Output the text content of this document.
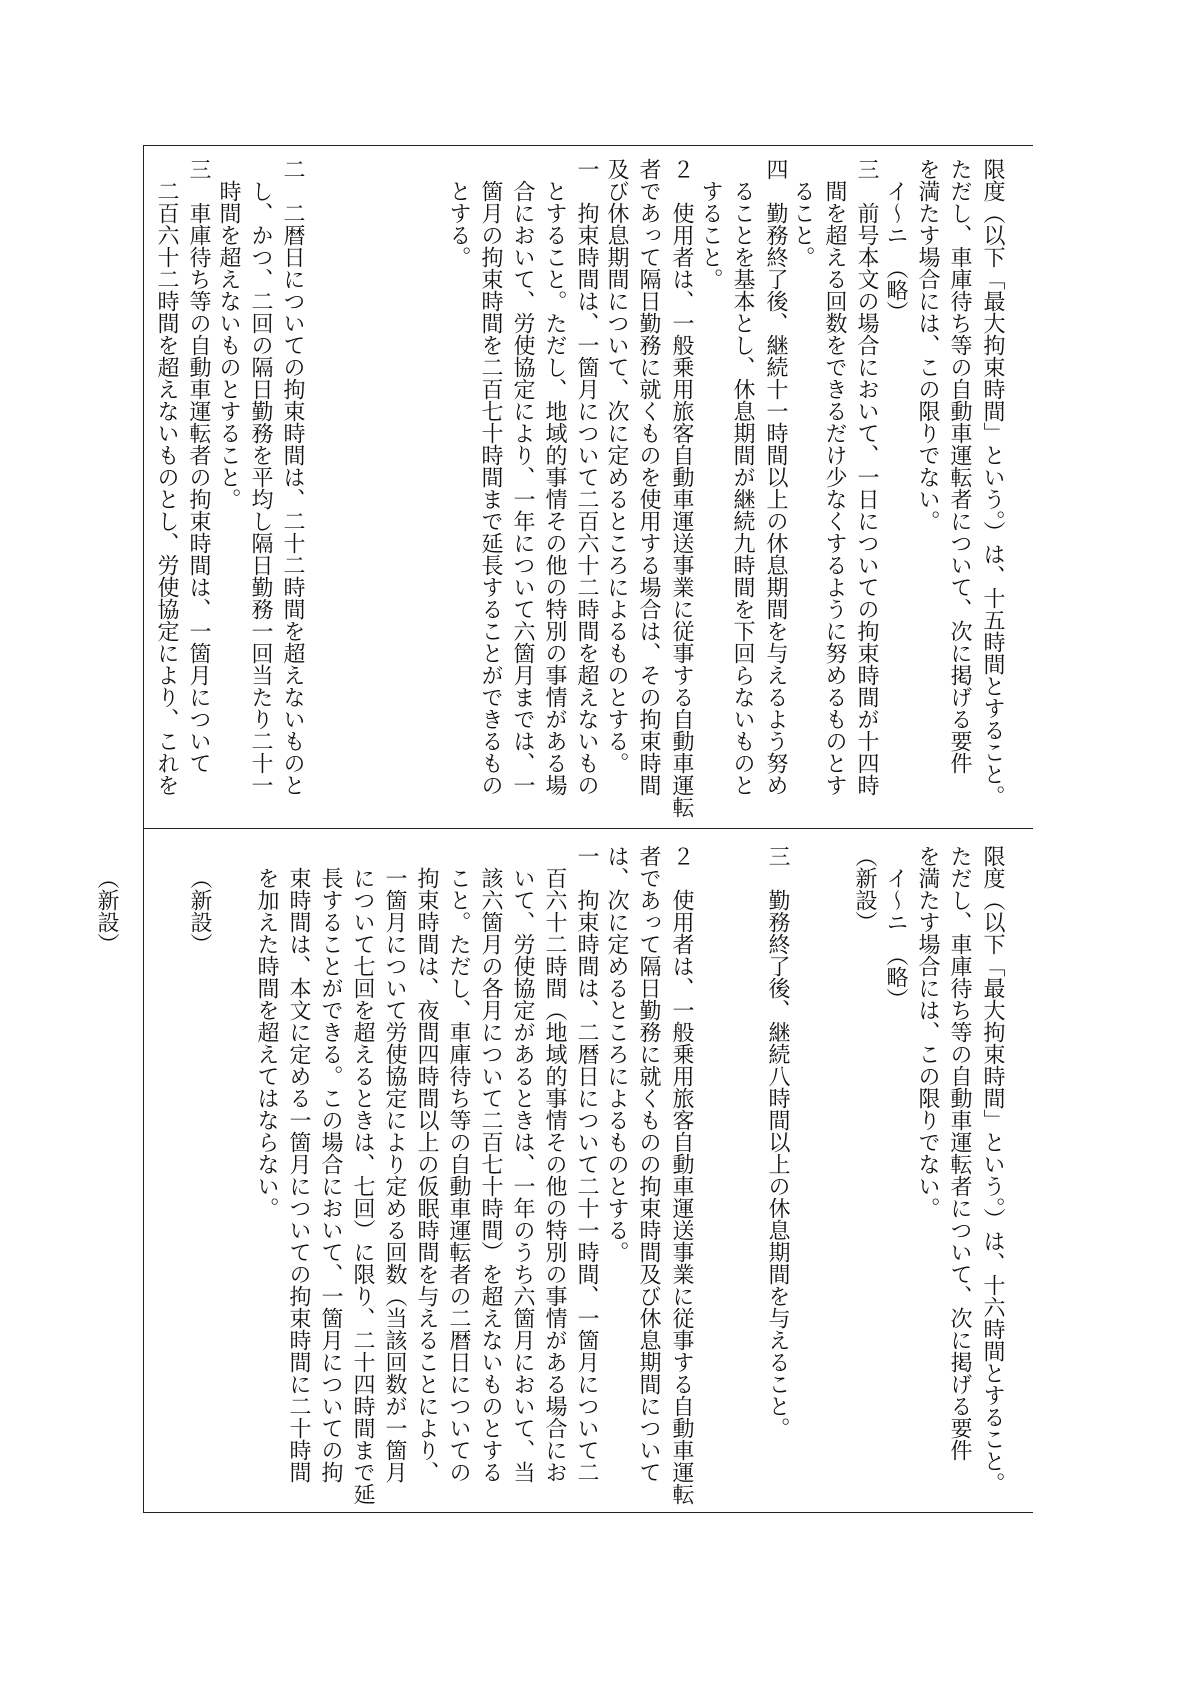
限度（以下「最大拘束時間」という。）は、十五時間とすること。

ただし、車庫待ち等の自動車運転者について、次に掲げる要件

を満たす場合には、この限りでない。

イ～ニ　（略）

三　前号本文の場合において、一日についての拘束時間が十四時

間を超える回数をできるだけ少なくするように努めるものとす

ること。

四　勤務終了後、継続十一時間以上の休息期間を与えるよう努め

ることを基本とし、休息期間が継続九時間を下回らないものと

すること。

２　使用者は、一般乗用旅客自動車運送事業に従事する自動車運転

者であって隔日勤務に就くものを使用する場合は、その拘束時間

及び休息期間について、次に定めるところによるものとする。

一　拘束時間は、一箇月について二百六十二時間を超えないもの

とすること。ただし、地域的事情その他の特別の事情がある場

合において、労使協定により、一年について六箇月までは、一

箇月の拘束時間を二百七十時間まで延長することができるもの

とする。

二　二暦日についての拘束時間は、二十二時間を超えないものと

し、かつ、二回の隔日勤務を平均し隔日勤務一回当たり二十一

時間を超えないものとすること。

三　車庫待ち等の自動車運転者の拘束時間は、一箇月について

二百六十二時間を超えないものとし、労使協定により、これを

限度（以下「最大拘束時間」という。）は、十六時間とすること。

ただし、車庫待ち等の自動車運転者について、次に掲げる要件

を満たす場合には、この限りでない。

イ～ニ　（略）

（新設）

三　勤務終了後、継続八時間以上の休息期間を与えること。

２　使用者は、一般乗用旅客自動車運送事業に従事する自動車運転

者であって隔日勤務に就くものの拘束時間及び休息期間について

は、次に定めるところによるものとする。

一　拘束時間は、二暦日について二十一時間、一箇月について二

百六十二時間（地域的事情その他の特別の事情がある場合にお

いて、労使協定があるときは、一年のうち六箇月において、当

該六箇月の各月について二百七十時間）を超えないものとする

こと。ただし、車庫待ち等の自動車運転者の二暦日についての

拘束時間は、夜間四時間以上の仮眠時間を与えることにより、

一箇月について労使協定により定める回数（当該回数が一箇月

について七回を超えるときは、七回）に限り、二十四時間まで延

長することができる。この場合において、一箇月についての拘

束時間は、本文に定める一箇月についての拘束時間に二十時間

を加えた時間を超えてはならない。

（新設）

（新設）
